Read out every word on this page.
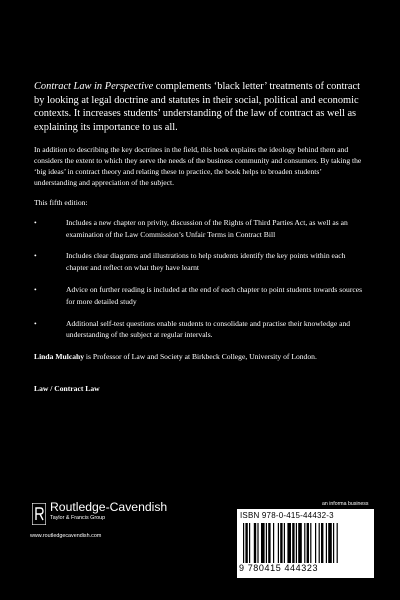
Contract Law in Perspective complements ‘black letter’ treatments of contract by looking at legal doctrine and statutes in their social, political and economic contexts. It increases students’ understanding of the law of contract as well as explaining its importance to us all.

In addition to describing the key doctrines in the field, this book explains the ideology behind them and considers the extent to which they serve the needs of the business community and consumers. By taking the ‘big ideas’ in contract theory and relating these to practice, the book helps to broaden students’ understanding and appreciation of the subject.

This fifth edition:

•	Includes a new chapter on privity, discussion of the Rights of Third Parties Act, as well as an examination of the Law Commission’s Unfair Terms in Contract Bill
•	Includes clear diagrams and illustrations to help students identify the key points within each chapter and reflect on what they have learnt
•	Advice on further reading is included at the end of each chapter to point students towards sources for more detailed study
•	Additional self-test questions enable students to consolidate and practise their knowledge and understanding of the subject at regular intervals.

Linda Mulcahy is Professor of Law and Society at Birkbeck College, University of London.

Law / Contract Law

Routledge-Cavendish
Taylor & Francis Group
www.routledgecavendish.com
an informa business
ISBN 978-0-415-44432-3
9 780415 444323
